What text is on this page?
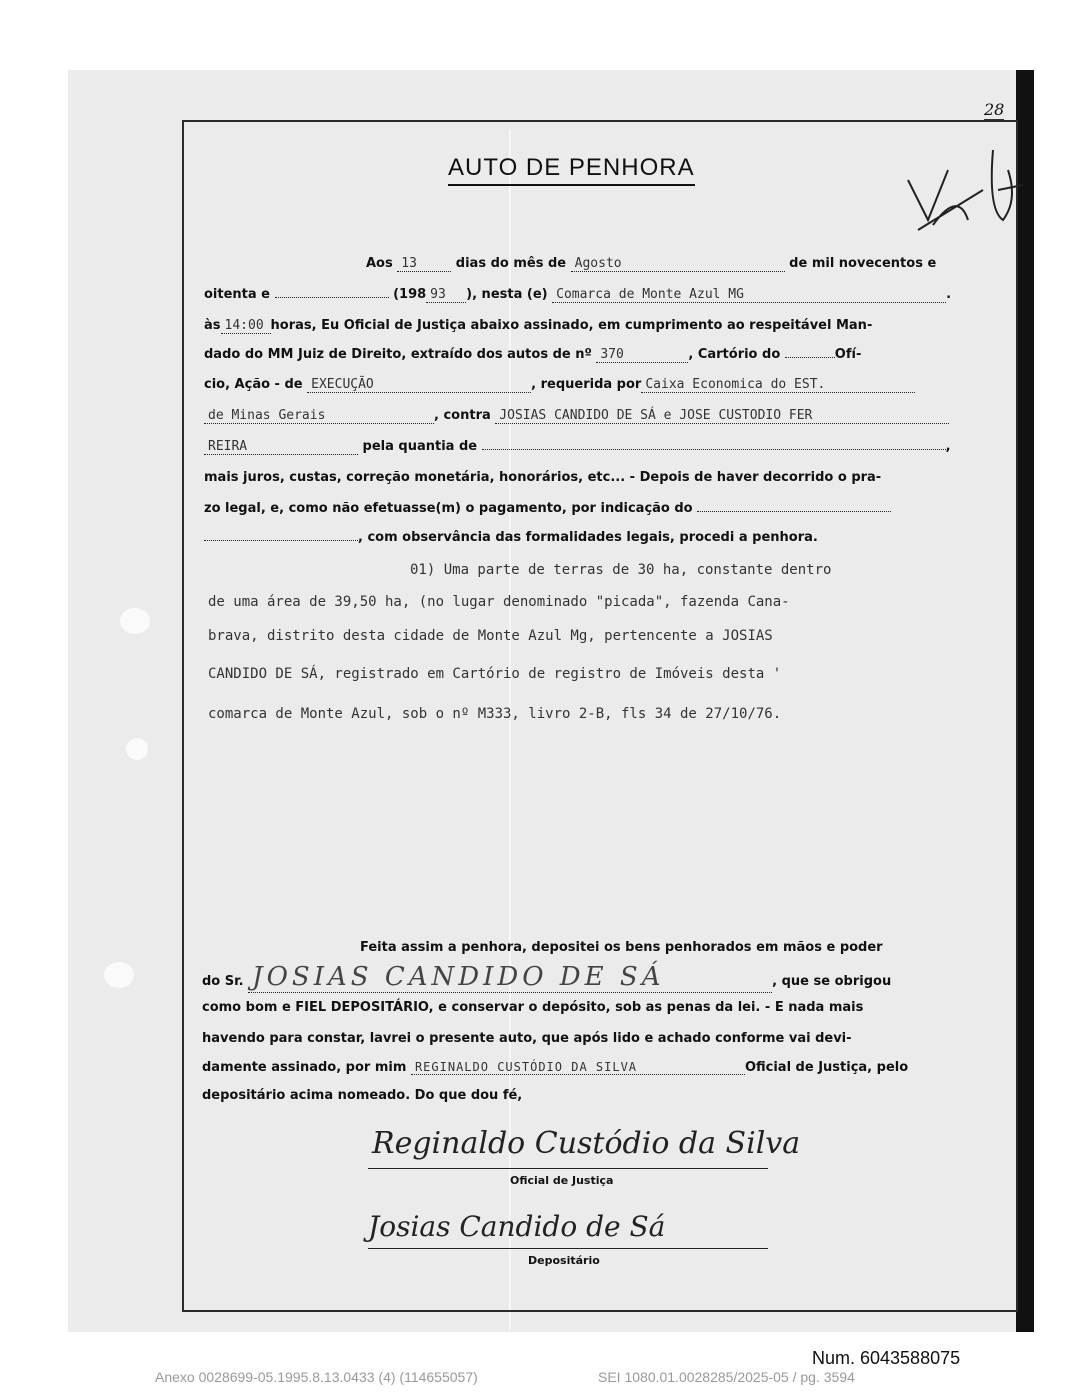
28
AUTO DE PENHORA
Aos 13	dias do mês de Agosto	de mil novecentos e
oitenta e	(198 93 ), nesta (e) Comarca de Monte Azul MG	.
às 14:00 horas, Eu Oficial de Justiça abaixo assinado, em cumprimento ao respeitável Man-
dado do MM Juiz de Direito, extraído dos autos de nº 370	, Cartório do	Ofí-
cio, Ação - de EXECUÇÃO	, requerida por Caixa Economica do EST.
de Minas Gerais	, contra JOSIAS CANDIDO DE SÁ e JOSE CUSTODIO FER
REIRA	pela quantia de	,
mais juros, custas, correção monetária, honorários, etc... - Depois de haver decorrido o pra-
zo legal, e, como não efetuasse(m) o pagamento, por indicação do
, com observância das formalidades legais, procedi a penhora.
01) Uma parte de terras de 30 ha, constante dentro
de uma área de 39,50 ha, (no lugar denominado "picada", fazenda Cana-
brava, distrito desta cidade de Monte Azul Mg, pertencente a JOSIAS
CANDIDO DE SÁ, registrado em Cartório de registro de Imóveis desta '
comarca de Monte Azul, sob o nº M333, livro 2-B, fls 34 de 27/10/76.
Feita assim a penhora, depositei os bens penhorados em mãos e poder
do Sr. JOSIAS CANDIDO DE SÁ	, que se obrigou
como bom e FIEL DEPOSITÁRIO, e conservar o depósito, sob as penas da lei. - E nada mais
havendo para constar, lavrei o presente auto, que após lido e achado conforme vai devi-
damente assinado, por mim REGINALDO CUSTÓDIO DA SILVA	Oficial de Justiça, pelo
depositário acima nomeado. Do que dou fé,
Reginaldo Custódio da Silva
Oficial de Justiça
Josias Candido de Sá
Depositário
Num. 6043588075
Anexo 0028699-05.1995.8.13.0433 (4) (114655057)	SEI 1080.01.0028285/2025-05 / pg. 3594
